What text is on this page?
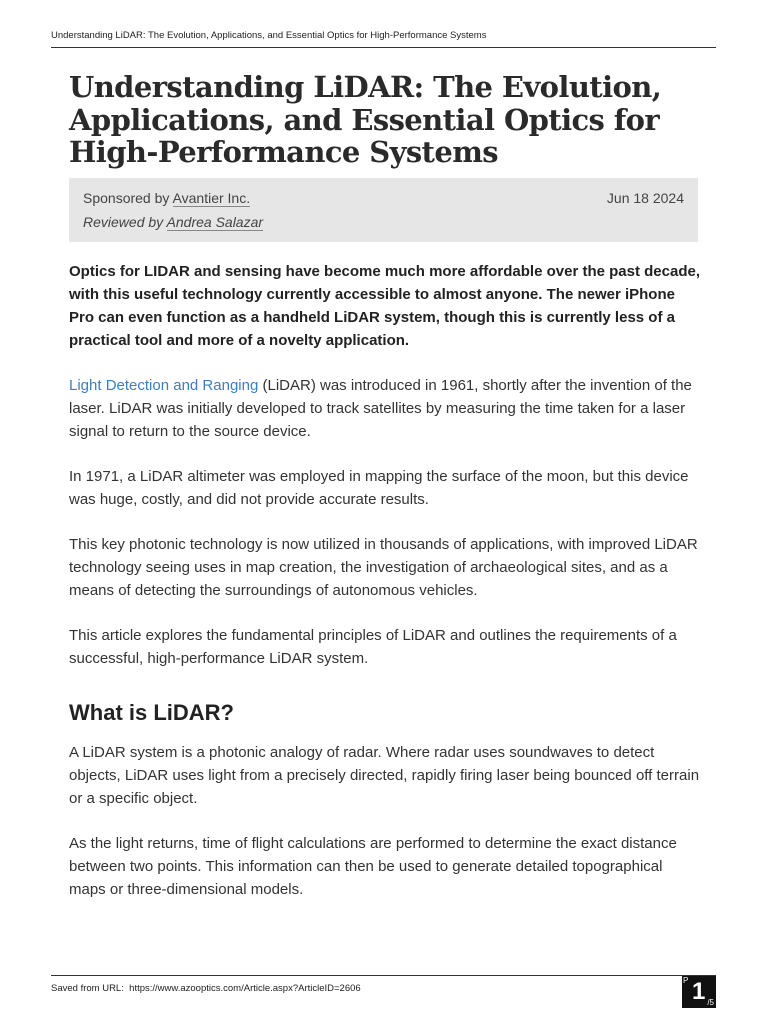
Understanding LiDAR: The Evolution, Applications, and Essential Optics for High-Performance Systems
Understanding LiDAR: The Evolution, Applications, and Essential Optics for High-Performance Systems
Sponsored by Avantier Inc.
Reviewed by Andrea Salazar
Jun 18 2024

Optics for LIDAR and sensing have become much more affordable over the past decade, with this useful technology currently accessible to almost anyone. The newer iPhone Pro can even function as a handheld LiDAR system, though this is currently less of a practical tool and more of a novelty application.

Light Detection and Ranging (LiDAR) was introduced in 1961, shortly after the invention of the laser. LiDAR was initially developed to track satellites by measuring the time taken for a laser signal to return to the source device.

In 1971, a LiDAR altimeter was employed in mapping the surface of the moon, but this device was huge, costly, and did not provide accurate results.

This key photonic technology is now utilized in thousands of applications, with improved LiDAR technology seeing uses in map creation, the investigation of archaeological sites, and as a means of detecting the surroundings of autonomous vehicles.

This article explores the fundamental principles of LiDAR and outlines the requirements of a successful, high-performance LiDAR system.

What is LiDAR?

A LiDAR system is a photonic analogy of radar. Where radar uses soundwaves to detect objects, LiDAR uses light from a precisely directed, rapidly firing laser being bounced off terrain or a specific object.

As the light returns, time of flight calculations are performed to determine the exact distance between two points. This information can then be used to generate detailed topographical maps or three-dimensional models.

Saved from URL: https://www.azooptics.com/Article.aspx?ArticleID=2606
P 1 /5
